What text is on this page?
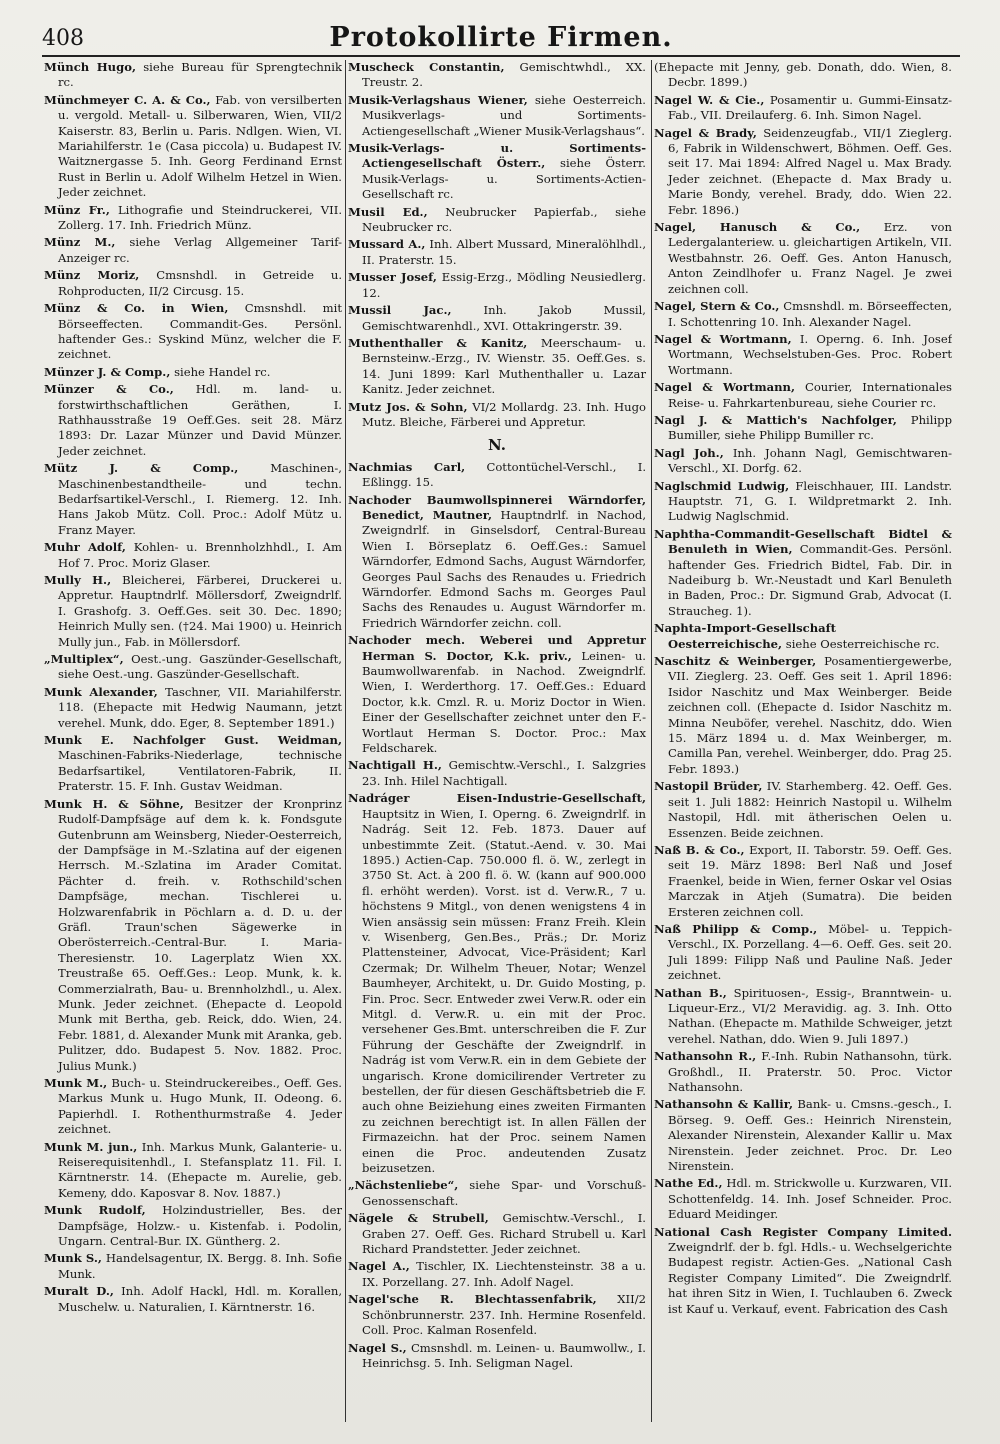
408	Protokollirte Firmen.
Münch Hugo, siehe Bureau für Sprengtechnik rc.
Münchmeyer C. A. & Co., Fab. von versilberten u. vergold. Metall- u. Silberwaren, Wien, VII/2 Kaiserstr. 83, Berlin u. Paris. Ndlgen. Wien, VI. Mariahilferstr. 1e (Casa piccola) u. Budapest IV. Waitznergasse 5. Inh. Georg Ferdinand Ernst Rust in Berlin u. Adolf Wilhelm Hetzel in Wien. Jeder zeichnet.
Münz Fr., Lithografie und Steindruckerei, VII. Zollerg. 17. Inh. Friedrich Münz.
Münz M., siehe Verlag Allgemeiner Tarif-Anzeiger rc.
Münz Moriz, Cmsnshdl. in Getreide u. Rohproducten, II/2 Circusg. 15.
Münz & Co. in Wien, Cmsnshdl. mit Börseeffecten. Commandit-Ges. Persönl. haftender Ges.: Syskind Münz, welcher die F. zeichnet.
Münzer J. & Comp., siehe Handel rc.
Münzer & Co., Hdl. m. land- u. forstwirthschaftlichen Geräthen, I. Rathhausstraße 19 Oeff.Ges. seit 28. März 1893: Dr. Lazar Münzer und David Münzer. Jeder zeichnet.
Mütz J. & Comp.,	Maschinen-, Maschinenbestandtheile- und techn. Bedarfsartikel-Verschl., I. Riemerg. 12. Inh. Hans Jakob Mütz. Coll. Proc.: Adolf Mütz u. Franz Mayer.
Muhr Adolf, Kohlen- u. Brennholzhhdl., I. Am Hof 7. Proc. Moriz Glaser.
Mully H., Bleicherei, Färberei, Druckerei u. Appretur. Hauptndrlf. Möllersdorf, Zweigndrlf. I. Grashofg. 3. Oeff.Ges. seit 30. Dec. 1890; Heinrich Mully sen. (†24. Mai 1900) u. Heinrich Mully jun., Fab. in Möllersdorf.
„Multiplex“, Oest.-ung. Gaszünder-Gesellschaft, siehe Oest.-ung. Gaszünder-Gesellschaft.
Munk Alexander, Taschner, VII. Mariahilferstr. 118. (Ehepacte mit Hedwig Naumann, jetzt verehel. Munk, ddo. Eger, 8. September 1891.)
Munk E. Nachfolger Gust. Weidman, Maschinen-Fabriks-Niederlage, technische Bedarfsartikel, Ventilatoren-Fabrik, II. Praterstr. 15. F. Inh. Gustav Weidman.
Munk H. & Söhne, Besitzer der Kronprinz Rudolf-Dampfsäge auf dem k. k. Fondsgute Gutenbrunn am Weinsberg, Nieder-Oesterreich, der Dampfsäge in M.-Szlatina auf der eigenen Herrsch. M.-Szlatina im Arader Comitat. Pächter d. freih. v. Rothschild'schen Dampfsäge, mechan. Tischlerei u. Holzwarenfabrik in Pöchlarn a. d. D. u. der Gräfl. Traun'schen Sägewerke in Oberösterreich.-Central-Bur. I. Maria-Theresienstr. 10. Lagerplatz Wien XX. Treustraße 65. Oeff.Ges.: Leop. Munk, k. k. Commerzialrath, Bau- u. Brennholzhdl., u. Alex. Munk. Jeder zeichnet. (Ehepacte d. Leopold Munk mit Bertha, geb. Reick, ddo. Wien, 24. Febr. 1881, d. Alexander Munk mit Aranka, geb. Pulitzer, ddo. Budapest 5. Nov. 1882. Proc. Julius Munk.)
Munk M., Buch- u. Steindruckereibes., Oeff. Ges. Markus Munk u. Hugo Munk, II. Odeong. 6. Papierhdl. I. Rothenthurmstraße 4. Jeder zeichnet.
Munk M. jun., Inh. Markus Munk, Galanterie- u. Reiserequisitenhdl., I. Stefansplatz 11. Fil. I. Kärntnerstr. 14. (Ehepacte m. Aurelie, geb. Kemeny, ddo. Kaposvar 8. Nov. 1887.)
Munk Rudolf, Holzindustrieller, Bes. der Dampfsäge, Holzw.- u. Kistenfab. i. Podolin, Ungarn. Central-Bur. IX. Güntherg. 2.
Munk S., Handelsagentur, IX. Bergg. 8. Inh. Sofie Munk.
Muralt D., Inh. Adolf Hackl, Hdl. m. Korallen, Muschelw. u. Naturalien, I. Kärntnerstr. 16.
Muscheck Constantin, Gemischtwhdl., XX. Treustr. 2.
Musik-Verlagshaus Wiener, siehe Oesterreich. Musikverlags- und Sortiments-Actiengesellschaft „Wiener Musik-Verlagshaus“.
Musik-Verlags- u. Sortiments-Actiengesellschaft Österr., siehe Österr. Musik-Verlags- u. Sortiments-Actien-Gesellschaft rc.
Musil Ed., Neubrucker Papierfab., siehe Neubrucker rc.
Mussard A., Inh. Albert Mussard, Mineralöhlhdl., II. Praterstr. 15.
Musser Josef, Essig-Erzg., Mödling Neusiedlerg. 12.
Mussil Jac.,	Inh. Jakob Mussil, Gemischtwarenhdl., XVI. Ottakringerstr. 39.
Muthenthaller & Kanitz, Meerschaum- u. Bernsteinw.-Erzg., IV. Wienstr. 35. Oeff.Ges. s. 14. Juni 1899: Karl Muthenthaller u. Lazar Kanitz. Jeder zeichnet.
Mutz Jos. & Sohn, VI/2 Mollardg. 23. Inh. Hugo Mutz. Bleiche, Färberei und Appretur.
N.
Nachmias Carl, Cottontüchel-Verschl., I. Eßlingg. 15.
Nachoder Baumwollspinnerei Wärndorfer, Benedict, Mautner, Hauptndrlf. in Nachod, Zweigndrlf. in Ginselsdorf, Central-Bureau Wien I. Börseplatz 6. Oeff.Ges.: Samuel Wärndorfer, Edmond Sachs, August Wärndorfer, Georges Paul Sachs des Renaudes u. Friedrich Wärndorfer. Edmond Sachs m. Georges Paul Sachs des Renaudes u. August Wärndorfer m. Friedrich Wärndorfer zeichn. coll.
Nachoder mech. Weberei und Appretur Herman S. Doctor, K.k. priv., Leinen- u. Baumwollwarenfab. in Nachod. Zweigndrlf. Wien, I. Werderthorg. 17. Oeff.Ges.: Eduard Doctor, k.k. Cmzl. R. u. Moriz Doctor in Wien. Einer der Gesellschafter zeichnet unter den F.-Wortlaut Herman S. Doctor. Proc.: Max Feldscharek.
Nachtigall H., Gemischtw.-Verschl., I. Salzgries 23. Inh. Hilel Nachtigall.
Nadráger Eisen-Industrie-Gesellschaft, Hauptsitz in Wien, I. Operng. 6. Zweigndrlf. in Nadrág. Seit 12. Feb. 1873. Dauer auf unbestimmte Zeit. (Statut.-Aend. v. 30. Mai 1895.) Actien-Cap. 750.000 fl. ö. W., zerlegt in 3750 St. Act. à 200 fl. ö. W. (kann auf 900.000 fl. erhöht werden). Vorst. ist d. Verw.R., 7 u. höchstens 9 Mitgl., von denen wenigstens 4 in Wien ansässig sein müssen: Franz Freih. Klein v. Wisenberg, Gen.Bes., Präs.; Dr. Moriz Plattensteiner, Advocat, Vice-Präsident; Karl Czermak; Dr. Wilhelm Theuer, Notar; Wenzel Baumheyer, Architekt, u. Dr. Guido Mosting, p. Fin. Proc. Secr. Entweder zwei Verw.R. oder ein Mitgl. d. Verw.R. u. ein mit der Proc. versehener Ges.Bmt. unterschreiben die F. Zur Führung der Geschäfte der Zweigndrlf. in Nadrág ist vom Verw.R. ein in dem Gebiete der ungarisch. Krone domicilirender Vertreter zu bestellen, der für diesen Geschäftsbetrieb die F. auch ohne Beiziehung eines zweiten Firmanten zu zeichnen berechtigt ist. In allen Fällen der Firmazeichn. hat der Proc. seinem Namen einen die Proc. andeutenden Zusatz beizusetzen.
„Nächstenliebe“, siehe Spar- und Vorschuß-Genossenschaft.
Nägele & Strubell, Gemischtw.-Verschl., I. Graben 27. Oeff. Ges. Richard Strubell u. Karl Richard Prandstetter. Jeder zeichnet.
Nagel A., Tischler, IX. Liechtensteinstr. 38 a u. IX. Porzellang. 27. Inh. Adolf Nagel.
Nagel'sche R. Blechtassenfabrik, XII/2 Schönbrunnerstr. 237. Inh. Hermine Rosenfeld. Coll. Proc. Kalman Rosenfeld.
Nagel S., Cmsnshdl. m. Leinen- u. Baumwollw., I. Heinrichsg. 5. Inh. Seligman Nagel.
(Ehepacte mit Jenny, geb. Donath, ddo. Wien, 8. Decbr. 1899.)
Nagel W. & Cie., Posamentir u. Gummi-Einsatz-Fab., VII. Dreilauferg. 6. Inh. Simon Nagel.
Nagel & Brady, Seidenzeugfab., VII/1 Zieglerg. 6, Fabrik in Wildenschwert, Böhmen. Oeff. Ges. seit 17. Mai 1894: Alfred Nagel u. Max Brady. Jeder zeichnet. (Ehepacte d. Max Brady u. Marie Bondy, verehel. Brady, ddo. Wien 22. Febr. 1896.)
Nagel, Hanusch & Co., Erz. von Ledergalanteriew. u. gleichartigen Artikeln, VII. Westbahnstr. 26. Oeff. Ges. Anton Hanusch, Anton Zeindlhofer u. Franz Nagel. Je zwei zeichnen coll.
Nagel, Stern & Co., Cmsnshdl. m. Börseeffecten, I. Schottenring 10. Inh. Alexander Nagel.
Nagel & Wortmann, I. Operng. 6. Inh. Josef Wortmann, Wechselstuben-Ges. Proc. Robert Wortmann.
Nagel & Wortmann, Courier, Internationales Reise- u. Fahrkartenbureau, siehe Courier rc.
Nagl J. & Mattich's Nachfolger, Philipp Bumiller, siehe Philipp Bumiller rc.
Nagl Joh., Inh. Johann Nagl, Gemischtwaren-Verschl., XI. Dorfg. 62.
Naglschmid Ludwig, Fleischhauer, III. Landstr. Hauptstr. 71, G. I. Wildpretmarkt 2. Inh. Ludwig Naglschmid.
Naphtha-Commandit-Gesellschaft Bidtel & Benuleth in Wien, Commandit-Ges. Persönl. haftender Ges. Friedrich Bidtel, Fab. Dir. in Nadeiburg b. Wr.-Neustadt und Karl Benuleth in Baden, Proc.: Dr. Sigmund Grab, Advocat (I. Straucheg. 1).
Naphta-Import-Gesellschaft Oesterreichische, siehe Oesterreichische rc.
Naschitz & Weinberger, Posamentiergewerbe, VII. Zieglerg. 23. Oeff. Ges seit 1. April 1896: Isidor Naschitz und Max Weinberger. Beide zeichnen coll. (Ehepacte d. Isidor Naschitz m. Minna Neuböfer, verehel. Naschitz, ddo. Wien 15. März 1894 u. d. Max Weinberger, m. Camilla Pan, verehel. Weinberger, ddo. Prag 25. Febr. 1893.)
Nastopil Brüder, IV. Starhemberg. 42. Oeff. Ges. seit 1. Juli 1882: Heinrich Nastopil u. Wilhelm Nastopil, Hdl. mit ätherischen Oelen u. Essenzen. Beide zeichnen.
Naß B. & Co., Export, II. Taborstr. 59. Oeff. Ges. seit 19. März 1898: Berl Naß und Josef Fraenkel, beide in Wien, ferner Oskar vel Osias Marczak in Atjeh (Sumatra). Die beiden Ersteren zeichnen coll.
Naß Philipp & Comp., Möbel- u. Teppich-Verschl., IX. Porzellang. 4—6. Oeff. Ges. seit 20. Juli 1899: Filipp Naß und Pauline Naß. Jeder zeichnet.
Nathan B., Spirituosen-, Essig-, Branntwein- u. Liqueur-Erz., VI/2 Meravidig. ag. 3. Inh. Otto Nathan. (Ehepacte m. Mathilde Schweiger, jetzt verehel. Nathan, ddo. Wien 9. Juli 1897.)
Nathansohn R., F.-Inh. Rubin Nathansohn, türk. Großhdl., II. Praterstr. 50. Proc. Victor Nathansohn.
Nathansohn & Kallir, Bank- u. Cmsns.-gesch., I. Börseg. 9. Oeff. Ges.: Heinrich Nirenstein, Alexander Nirenstein, Alexander Kallir u. Max Nirenstein. Jeder zeichnet. Proc. Dr. Leo Nirenstein.
Nathe Ed., Hdl. m. Strickwolle u. Kurzwaren, VII. Schottenfeldg. 14. Inh. Josef Schneider. Proc. Eduard Meidinger.
National Cash Register Company Limited. Zweigndrlf. der b. fgl. Hdls.- u. Wechselgerichte Budapest registr. Actien-Ges. „National Cash Register Company Limited“. Die Zweigndrlf. hat ihren Sitz in Wien, I. Tuchlauben 6. Zweck ist Kauf u. Verkauf, event. Fabrication des Cash
